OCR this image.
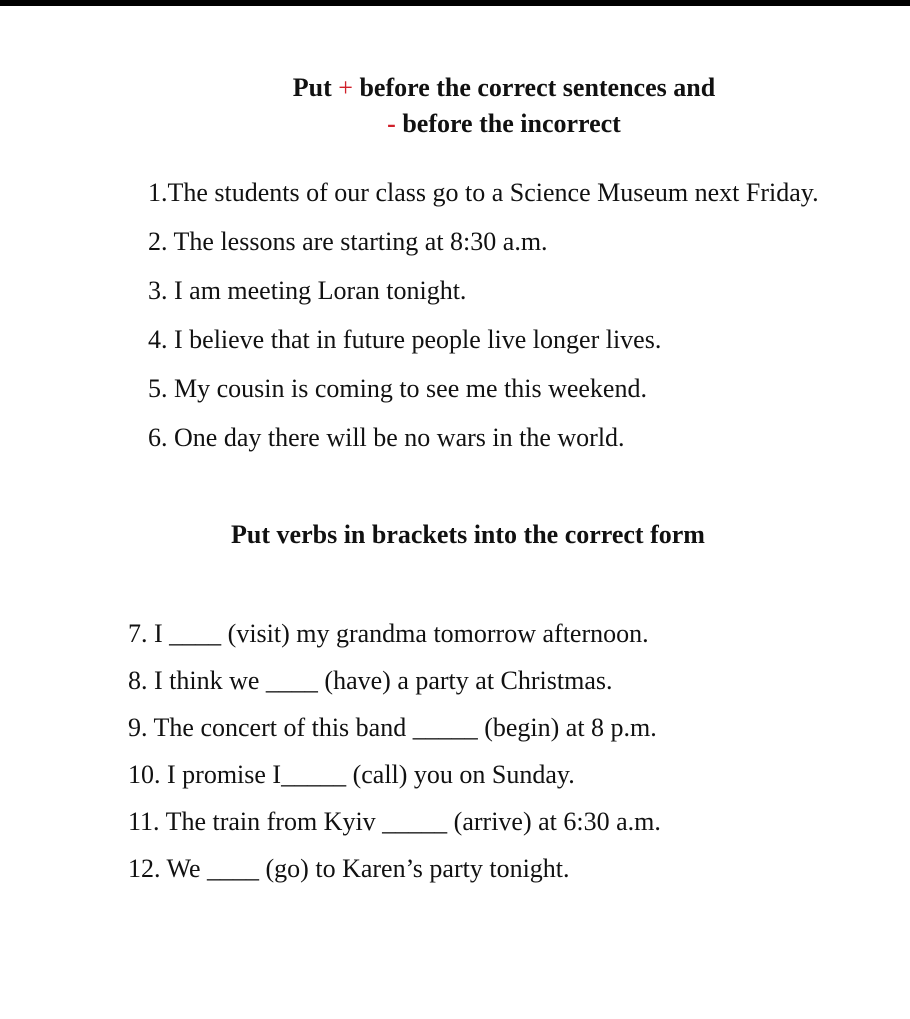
Put + before the correct sentences and
- before the incorrect
1.The students of our class go to a Science Museum next Friday.
2. The lessons are starting at 8:30 a.m.
3. I am meeting Loran tonight.
4. I believe that in future people live longer lives.
5. My cousin is coming to see me this weekend.
6. One day there will be no wars in the world.
Put verbs in brackets into the correct form
7. I ____ (visit) my grandma tomorrow afternoon.
8. I think we ____ (have) a party at Christmas.
9. The concert of this band _____ (begin) at 8 p.m.
10. I promise I_____ (call) you on Sunday.
11. The train from Kyiv _____ (arrive) at 6:30 a.m.
12. We ____ (go) to Karen’s party tonight.
